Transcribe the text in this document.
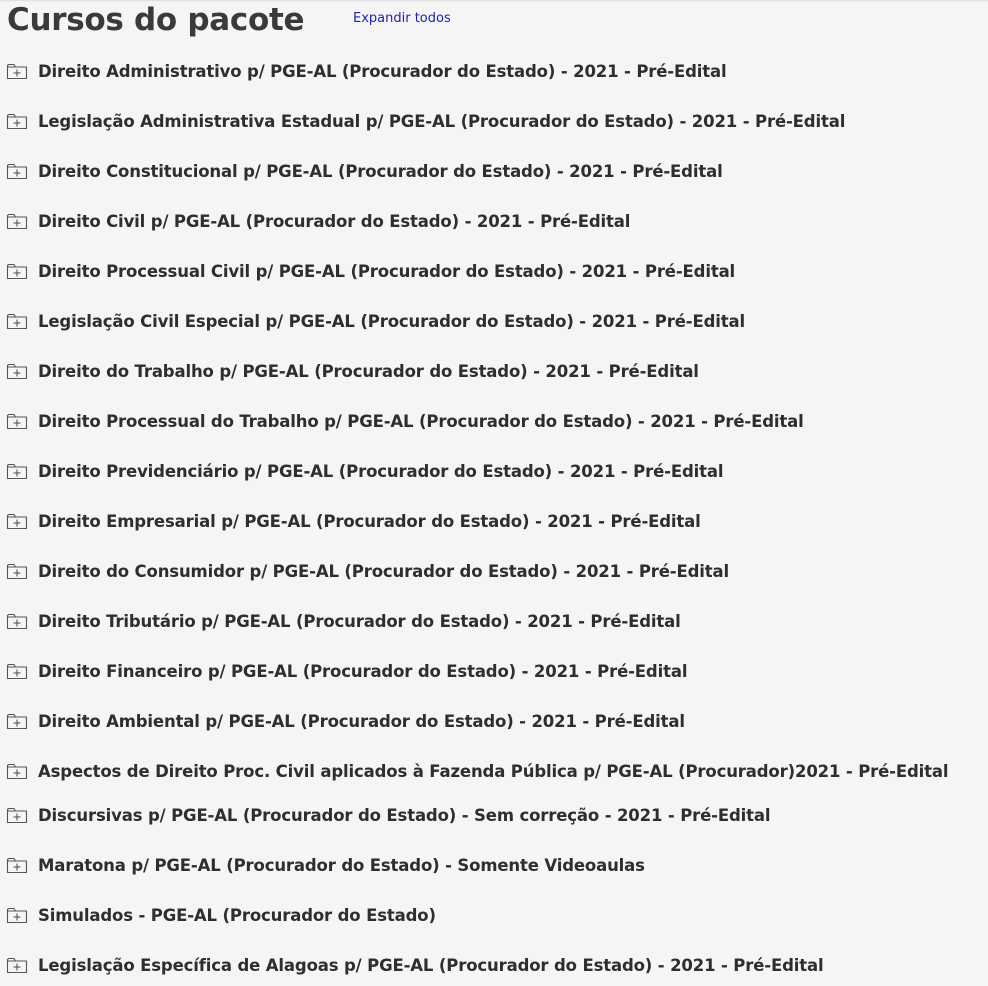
Cursos do pacote	Expandir todos
Direito Administrativo p/ PGE-AL (Procurador do Estado) - 2021 - Pré-Edital
Legislação Administrativa Estadual p/ PGE-AL (Procurador do Estado) - 2021 - Pré-Edital
Direito Constitucional p/ PGE-AL (Procurador do Estado) - 2021 - Pré-Edital
Direito Civil p/ PGE-AL (Procurador do Estado) - 2021 - Pré-Edital
Direito Processual Civil p/ PGE-AL (Procurador do Estado) - 2021 - Pré-Edital
Legislação Civil Especial p/ PGE-AL (Procurador do Estado) - 2021 - Pré-Edital
Direito do Trabalho p/ PGE-AL (Procurador do Estado) - 2021 - Pré-Edital
Direito Processual do Trabalho p/ PGE-AL (Procurador do Estado) - 2021 - Pré-Edital
Direito Previdenciário p/ PGE-AL (Procurador do Estado) - 2021 - Pré-Edital
Direito Empresarial p/ PGE-AL (Procurador do Estado) - 2021 - Pré-Edital
Direito do Consumidor p/ PGE-AL (Procurador do Estado) - 2021 - Pré-Edital
Direito Tributário p/ PGE-AL (Procurador do Estado) - 2021 - Pré-Edital
Direito Financeiro p/ PGE-AL (Procurador do Estado) - 2021 - Pré-Edital
Direito Ambiental p/ PGE-AL (Procurador do Estado) - 2021 - Pré-Edital
Aspectos de Direito Proc. Civil aplicados à Fazenda Pública p/ PGE-AL (Procurador)2021 - Pré-Edital
Discursivas p/ PGE-AL (Procurador do Estado) - Sem correção - 2021 - Pré-Edital
Maratona p/ PGE-AL (Procurador do Estado) - Somente Videoaulas
Simulados - PGE-AL (Procurador do Estado)
Legislação Específica de Alagoas p/ PGE-AL (Procurador do Estado) - 2021 - Pré-Edital
